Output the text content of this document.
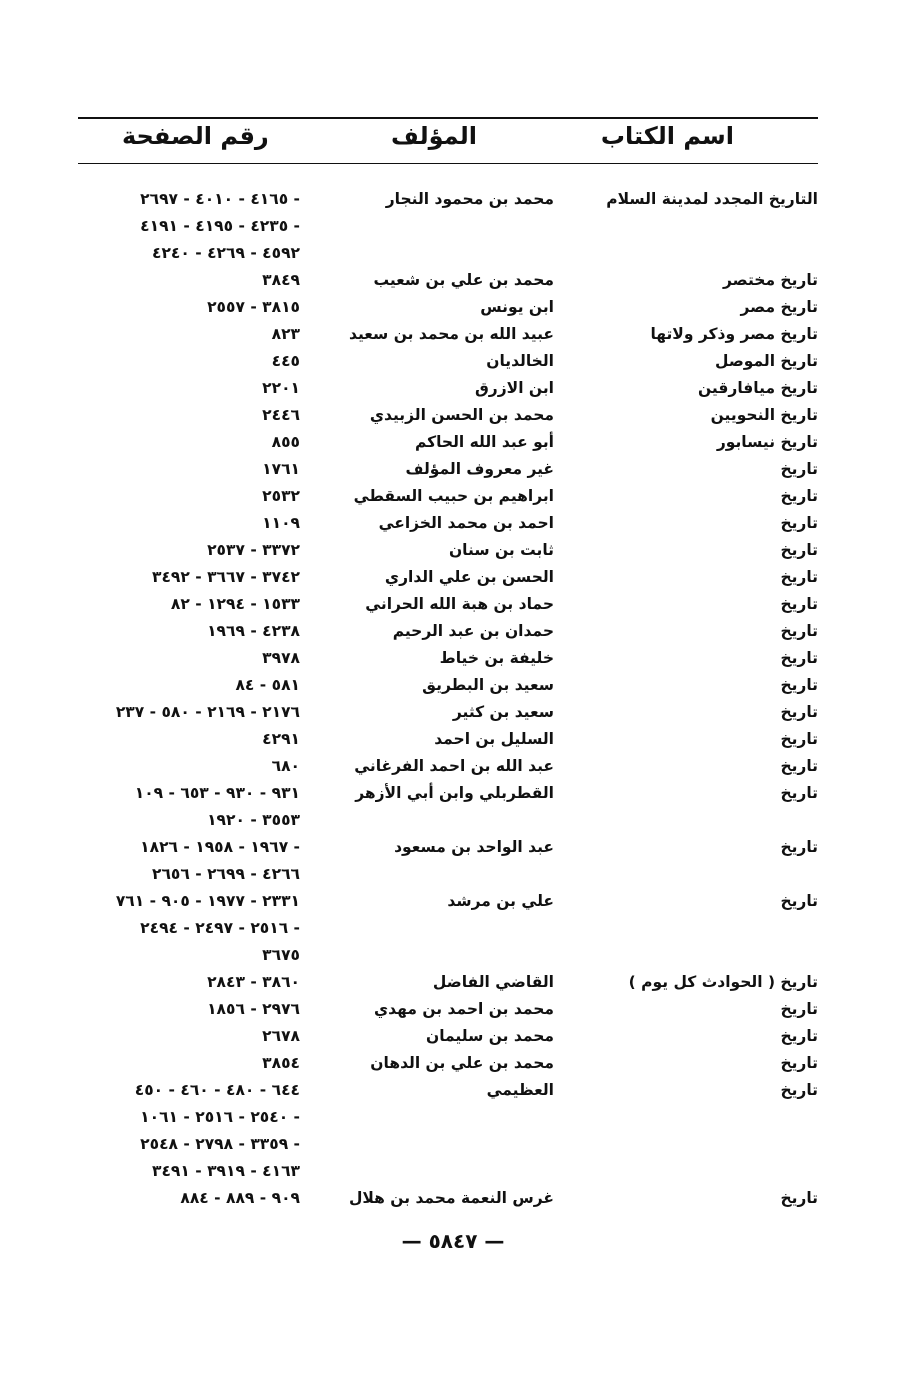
اسم الكتاب
المؤلف
رقم الصفحة
التاريخ المجدد لمدينة السلام
محمد بن محمود النجار
- ٤١٦٥ - ٤٠١٠ - ٢٦٩٧
- ٤٢٣٥ - ٤١٩٥ - ٤١٩١
٤٥٩٢ - ٤٢٦٩ - ٤٢٤٠
تاريخ مختصر
محمد بن علي بن شعيب
٣٨٤٩
تاريخ مصر
ابن يونس
٣٨١٥ - ٢٥٥٧
تاريخ مصر وذكر ولاتها
عبيد الله بن محمد بن سعيد
٨٢٣
تاريخ الموصل
الخالديان
٤٤٥
تاريخ ميافارقين
ابن الازرق
٢٢٠١
تاريخ النحويين
محمد بن الحسن الزبيدي
٢٤٤٦
تاريخ نيسابور
أبو عبد الله الحاكم
٨٥٥
تاريخ
غير معروف المؤلف
١٧٦١
تاريخ
ابراهيم بن حبيب السقطي
٢٥٣٢
تاريخ
احمد بن محمد الخزاعي
١١٠٩
تاريخ
ثابت بن سنان
٣٣٧٢ - ٢٥٣٧
تاريخ
الحسن بن علي الداري
٣٧٤٢ - ٣٦٦٧ - ٣٤٩٢
تاريخ
حماد بن هبة الله الحراني
١٥٣٣ - ١٢٩٤ - ٨٢
تاريخ
حمدان بن عبد الرحيم
٤٢٣٨ - ١٩٦٩
تاريخ
خليفة بن خياط
٣٩٧٨
تاريخ
سعيد بن البطريق
٥٨١ - ٨٤
تاريخ
سعيد بن كثير
٢١٧٦ - ٢١٦٩ - ٥٨٠ - ٢٣٧
تاريخ
السليل بن احمد
٤٢٩١
تاريخ
عبد الله بن احمد الفرغاني
٦٨٠
تاريخ
القطربلي وابن أبي الأزهر
٩٣١ - ٩٣٠ - ٦٥٣ - ١٠٩
٣٥٥٣ - ١٩٢٠
تاريخ
عبد الواحد بن مسعود
- ١٩٦٧ - ١٩٥٨ - ١٨٢٦
٤٢٦٦ - ٢٦٩٩ - ٢٦٥٦
تاريخ
علي بن مرشد
٢٣٣١ - ١٩٧٧ - ٩٠٥ - ٧٦١
- ٢٥١٦ - ٢٤٩٧ - ٢٤٩٤
٣٦٧٥
تاريخ ( الحوادث كل يوم )
القاضي الفاضل
٣٨٦٠ - ٢٨٤٣
تاريخ
محمد بن احمد بن مهدي
٢٩٧٦ - ١٨٥٦
تاريخ
محمد بن سليمان
٢٦٧٨
تاريخ
محمد بن علي بن الدهان
٣٨٥٤
تاريخ
العظيمي
٦٤٤ - ٤٨٠ - ٤٦٠ - ٤٥٠
- ٢٥٤٠ - ٢٥١٦ - ١٠٦١
- ٣٣٥٩ - ٢٧٩٨ - ٢٥٤٨
٤١٦٣ - ٣٩١٩ - ٣٤٩١
تاريخ
غرس النعمة محمد بن هلال
٩٠٩ - ٨٨٩ - ٨٨٤
— ٥٨٤٧ —
